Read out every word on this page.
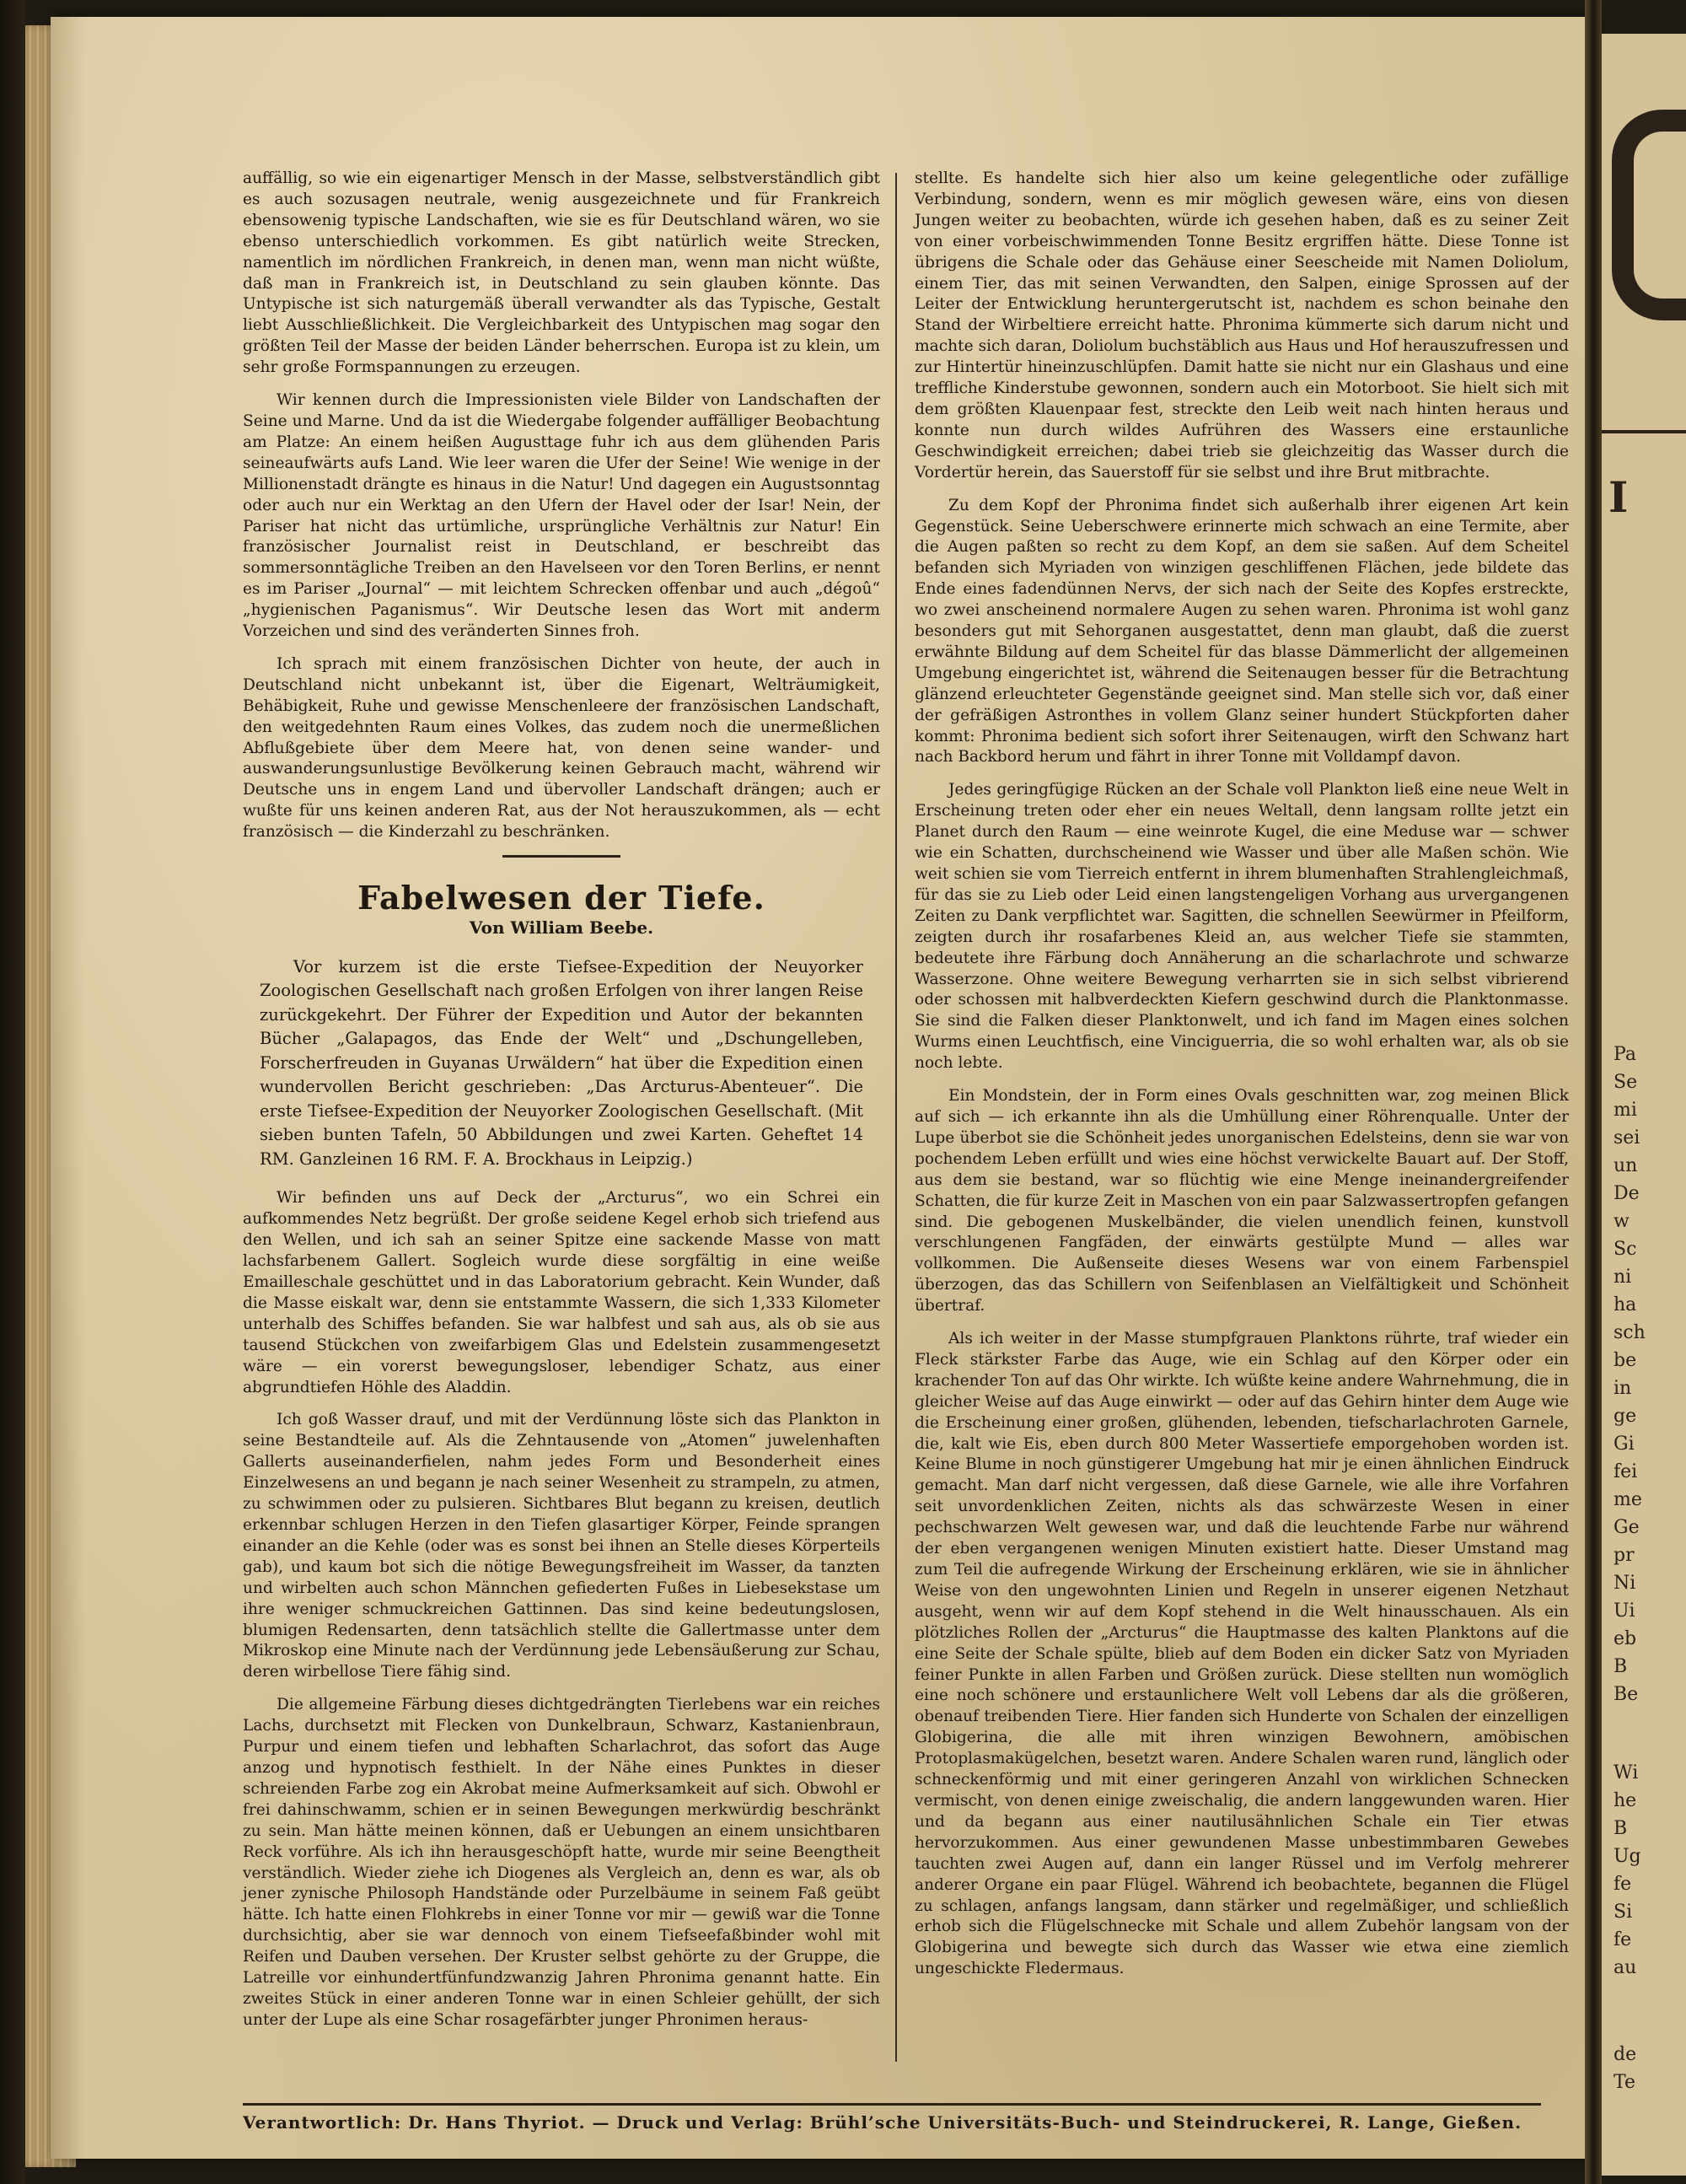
auffällig, so wie ein eigenartiger Mensch in der Masse, selbstverständlich gibt es auch sozusagen neutrale, wenig ausgezeichnete und für Frankreich ebensowenig typische Landschaften, wie sie es für Deutschland wären, wo sie ebenso unterschiedlich vorkommen. Es gibt natürlich weite Strecken, namentlich im nördlichen Frankreich, in denen man, wenn man nicht wüßte, daß man in Frankreich ist, in Deutschland zu sein glauben könnte. Das Untypische ist sich naturgemäß überall verwandter als das Typische, Gestalt liebt Ausschließlichkeit. Die Vergleichbarkeit des Untypischen mag sogar den größten Teil der Masse der beiden Länder beherrschen. Europa ist zu klein, um sehr große Formspannungen zu erzeugen.

Wir kennen durch die Impressionisten viele Bilder von Landschaften der Seine und Marne. Und da ist die Wiedergabe folgender auffälliger Beobachtung am Platze: An einem heißen Augusttage fuhr ich aus dem glühenden Paris seineaufwärts aufs Land. Wie leer waren die Ufer der Seine! Wie wenige in der Millionenstadt drängte es hinaus in die Natur! Und dagegen ein Augustsonntag oder auch nur ein Werktag an den Ufern der Havel oder der Isar! Nein, der Pariser hat nicht das urtümliche, ursprüngliche Verhältnis zur Natur! Ein französischer Journalist reist in Deutschland, er beschreibt das sommersonntägliche Treiben an den Havelseen vor den Toren Berlins, er nennt es im Pariser „Journal“ — mit leichtem Schrecken offenbar und auch „dégoû“ „hygienischen Paganismus“. Wir Deutsche lesen das Wort mit anderm Vorzeichen und sind des veränderten Sinnes froh.

Ich sprach mit einem französischen Dichter von heute, der auch in Deutschland nicht unbekannt ist, über die Eigenart, Welträumigkeit, Behäbigkeit, Ruhe und gewisse Menschenleere der französischen Landschaft, den weitgedehnten Raum eines Volkes, das zudem noch die unermeßlichen Abflußgebiete über dem Meere hat, von denen seine wander- und auswanderungsunlustige Bevölkerung keinen Gebrauch macht, während wir Deutsche uns in engem Land und übervoller Landschaft drängen; auch er wußte für uns keinen anderen Rat, aus der Not herauszukommen, als — echt französisch — die Kinderzahl zu beschränken.

Fabelwesen der Tiefe.
Von William Beebe.

Vor kurzem ist die erste Tiefsee-Expedition der Neuyorker Zoologischen Gesellschaft nach großen Erfolgen von ihrer langen Reise zurückgekehrt. Der Führer der Expedition und Autor der bekannten Bücher „Galapagos, das Ende der Welt“ und „Dschungelleben, Forscherfreuden in Guyanas Urwäldern“ hat über die Expedition einen wundervollen Bericht geschrieben: „Das Arcturus-Abenteuer“. Die erste Tiefsee-Expedition der Neuyorker Zoologischen Gesellschaft. (Mit sieben bunten Tafeln, 50 Abbildungen und zwei Karten. Geheftet 14 RM. Ganzleinen 16 RM. F. A. Brockhaus in Leipzig.)

Wir befinden uns auf Deck der „Arcturus“, wo ein Schrei ein aufkommendes Netz begrüßt. Der große seidene Kegel erhob sich triefend aus den Wellen, und ich sah an seiner Spitze eine sackende Masse von matt lachsfarbenem Gallert. Sogleich wurde diese sorgfältig in eine weiße Emailleschale geschüttet und in das Laboratorium gebracht. Kein Wunder, daß die Masse eiskalt war, denn sie entstammte Wassern, die sich 1,333 Kilometer unterhalb des Schiffes befanden. Sie war halbfest und sah aus, als ob sie aus tausend Stückchen von zweifarbigem Glas und Edelstein zusammengesetzt wäre — ein vorerst bewegungsloser, lebendiger Schatz, aus einer abgrundtiefen Höhle des Aladdin.

Ich goß Wasser drauf, und mit der Verdünnung löste sich das Plankton in seine Bestandteile auf. Als die Zehntausende von „Atomen“ juwelenhaften Gallerts auseinanderfielen, nahm jedes Form und Besonderheit eines Einzelwesens an und begann je nach seiner Wesenheit zu strampeln, zu atmen, zu schwimmen oder zu pulsieren. Sichtbares Blut begann zu kreisen, deutlich erkennbar schlugen Herzen in den Tiefen glasartiger Körper, Feinde sprangen einander an die Kehle (oder was es sonst bei ihnen an Stelle dieses Körperteils gab), und kaum bot sich die nötige Bewegungsfreiheit im Wasser, da tanzten und wirbelten auch schon Männchen gefiederten Fußes in Liebesekstase um ihre weniger schmuckreichen Gattinnen. Das sind keine bedeutungslosen, blumigen Redensarten, denn tatsächlich stellte die Gallertmasse unter dem Mikroskop eine Minute nach der Verdünnung jede Lebensäußerung zur Schau, deren wirbellose Tiere fähig sind.

Die allgemeine Färbung dieses dichtgedrängten Tierlebens war ein reiches Lachs, durchsetzt mit Flecken von Dunkelbraun, Schwarz, Kastanienbraun, Purpur und einem tiefen und lebhaften Scharlachrot, das sofort das Auge anzog und hypnotisch festhielt. In der Nähe eines Punktes in dieser schreienden Farbe zog ein Akrobat meine Aufmerksamkeit auf sich. Obwohl er frei dahinschwamm, schien er in seinen Bewegungen merkwürdig beschränkt zu sein. Man hätte meinen können, daß er Uebungen an einem unsichtbaren Reck vorführe. Als ich ihn herausgeschöpft hatte, wurde mir seine Beengtheit verständlich. Wieder ziehe ich Diogenes als Vergleich an, denn es war, als ob jener zynische Philosoph Handstände oder Purzelbäume in seinem Faß geübt hätte. Ich hatte einen Flohkrebs in einer Tonne vor mir — gewiß war die Tonne durchsichtig, aber sie war dennoch von einem Tiefseefaßbinder wohl mit Reifen und Dauben versehen. Der Kruster selbst gehörte zu der Gruppe, die Latreille vor einhundertfünfundzwanzig Jahren Phronima genannt hatte. Ein zweites Stück in einer anderen Tonne war in einen Schleier gehüllt, der sich unter der Lupe als eine Schar rosagefärbter junger Phronimen heraus-

stellte. Es handelte sich hier also um keine gelegentliche oder zufällige Verbindung, sondern, wenn es mir möglich gewesen wäre, eins von diesen Jungen weiter zu beobachten, würde ich gesehen haben, daß es zu seiner Zeit von einer vorbeischwimmenden Tonne Besitz ergriffen hätte. Diese Tonne ist übrigens die Schale oder das Gehäuse einer Seescheide mit Namen Doliolum, einem Tier, das mit seinen Verwandten, den Salpen, einige Sprossen auf der Leiter der Entwicklung heruntergerutscht ist, nachdem es schon beinahe den Stand der Wirbeltiere erreicht hatte. Phronima kümmerte sich darum nicht und machte sich daran, Doliolum buchstäblich aus Haus und Hof herauszufressen und zur Hintertür hineinzuschlüpfen. Damit hatte sie nicht nur ein Glashaus und eine treffliche Kinderstube gewonnen, sondern auch ein Motorboot. Sie hielt sich mit dem größten Klauenpaar fest, streckte den Leib weit nach hinten heraus und konnte nun durch wildes Aufrühren des Wassers eine erstaunliche Geschwindigkeit erreichen; dabei trieb sie gleichzeitig das Wasser durch die Vordertür herein, das Sauerstoff für sie selbst und ihre Brut mitbrachte.

Zu dem Kopf der Phronima findet sich außerhalb ihrer eigenen Art kein Gegenstück. Seine Ueberschwere erinnerte mich schwach an eine Termite, aber die Augen paßten so recht zu dem Kopf, an dem sie saßen. Auf dem Scheitel befanden sich Myriaden von winzigen geschliffenen Flächen, jede bildete das Ende eines fadendünnen Nervs, der sich nach der Seite des Kopfes erstreckte, wo zwei anscheinend normalere Augen zu sehen waren. Phronima ist wohl ganz besonders gut mit Sehorganen ausgestattet, denn man glaubt, daß die zuerst erwähnte Bildung auf dem Scheitel für das blasse Dämmerlicht der allgemeinen Umgebung eingerichtet ist, während die Seitenaugen besser für die Betrachtung glänzend erleuchteter Gegenstände geeignet sind. Man stelle sich vor, daß einer der gefräßigen Astronthes in vollem Glanz seiner hundert Stückpforten daher kommt: Phronima bedient sich sofort ihrer Seitenaugen, wirft den Schwanz hart nach Backbord herum und fährt in ihrer Tonne mit Volldampf davon.

Jedes geringfügige Rücken an der Schale voll Plankton ließ eine neue Welt in Erscheinung treten oder eher ein neues Weltall, denn langsam rollte jetzt ein Planet durch den Raum — eine weinrote Kugel, die eine Meduse war — schwer wie ein Schatten, durchscheinend wie Wasser und über alle Maßen schön. Wie weit schien sie vom Tierreich entfernt in ihrem blumenhaften Strahlengleichmaß, für das sie zu Lieb oder Leid einen langstengeligen Vorhang aus urvergangenen Zeiten zu Dank verpflichtet war. Sagitten, die schnellen Seewürmer in Pfeilform, zeigten durch ihr rosafarbenes Kleid an, aus welcher Tiefe sie stammten, bedeutete ihre Färbung doch Annäherung an die scharlachrote und schwarze Wasserzone. Ohne weitere Bewegung verharrten sie in sich selbst vibrierend oder schossen mit halbverdeckten Kiefern geschwind durch die Planktonmasse. Sie sind die Falken dieser Planktonwelt, und ich fand im Magen eines solchen Wurms einen Leuchtfisch, eine Vinciguerria, die so wohl erhalten war, als ob sie noch lebte.

Ein Mondstein, der in Form eines Ovals geschnitten war, zog meinen Blick auf sich — ich erkannte ihn als die Umhüllung einer Röhrenqualle. Unter der Lupe überbot sie die Schönheit jedes unorganischen Edelsteins, denn sie war von pochendem Leben erfüllt und wies eine höchst verwickelte Bauart auf. Der Stoff, aus dem sie bestand, war so flüchtig wie eine Menge ineinandergreifender Schatten, die für kurze Zeit in Maschen von ein paar Salzwassertropfen gefangen sind. Die gebogenen Muskelbänder, die vielen unendlich feinen, kunstvoll verschlungenen Fangfäden, der einwärts gestülpte Mund — alles war vollkommen. Die Außenseite dieses Wesens war von einem Farbenspiel überzogen, das das Schillern von Seifenblasen an Vielfältigkeit und Schönheit übertraf.

Als ich weiter in der Masse stumpfgrauen Planktons rührte, traf wieder ein Fleck stärkster Farbe das Auge, wie ein Schlag auf den Körper oder ein krachender Ton auf das Ohr wirkte. Ich wüßte keine andere Wahrnehmung, die in gleicher Weise auf das Auge einwirkt — oder auf das Gehirn hinter dem Auge wie die Erscheinung einer großen, glühenden, lebenden, tiefscharlachroten Garnele, die, kalt wie Eis, eben durch 800 Meter Wassertiefe emporgehoben worden ist. Keine Blume in noch günstigerer Umgebung hat mir je einen ähnlichen Eindruck gemacht. Man darf nicht vergessen, daß diese Garnele, wie alle ihre Vorfahren seit unvordenklichen Zeiten, nichts als das schwärzeste Wesen in einer pechschwarzen Welt gewesen war, und daß die leuchtende Farbe nur während der eben vergangenen wenigen Minuten existiert hatte. Dieser Umstand mag zum Teil die aufregende Wirkung der Erscheinung erklären, wie sie in ähnlicher Weise von den ungewohnten Linien und Regeln in unserer eigenen Netzhaut ausgeht, wenn wir auf dem Kopf stehend in die Welt hinausschauen. Als ein plötzliches Rollen der „Arcturus“ die Hauptmasse des kalten Planktons auf die eine Seite der Schale spülte, blieb auf dem Boden ein dicker Satz von Myriaden feiner Punkte in allen Farben und Größen zurück. Diese stellten nun womöglich eine noch schönere und erstaunlichere Welt voll Lebens dar als die größeren, obenauf treibenden Tiere. Hier fanden sich Hunderte von Schalen der einzelligen Globigerina, die alle mit ihren winzigen Bewohnern, amöbischen Protoplasmakügelchen, besetzt waren. Andere Schalen waren rund, länglich oder schneckenförmig und mit einer geringeren Anzahl von wirklichen Schnecken vermischt, von denen einige zweischalig, die andern langgewunden waren. Hier und da begann aus einer nautilusähnlichen Schale ein Tier etwas hervorzukommen. Aus einer gewundenen Masse unbestimmbaren Gewebes tauchten zwei Augen auf, dann ein langer Rüssel und im Verfolg mehrerer anderer Organe ein paar Flügel. Während ich beobachtete, begannen die Flügel zu schlagen, anfangs langsam, dann stärker und regelmäßiger, und schließlich erhob sich die Flügelschnecke mit Schale und allem Zubehör langsam von der Globigerina und bewegte sich durch das Wasser wie etwa eine ziemlich ungeschickte Fledermaus.

Verantwortlich: Dr. Hans Thyriot. — Druck und Verlag: Brühl’sche Universitäts-Buch- und Steindruckerei, R. Lange, Gießen.
I
Pa
Se
mi
sei
un
De
w
Sc
ni
ha
sch
be
in
ge
Gi
fei
me
Ge
pr
Ni
Ui
eb
B
Be
Wi
he
B
Ug
fe
Si
fe
au
de
Te
